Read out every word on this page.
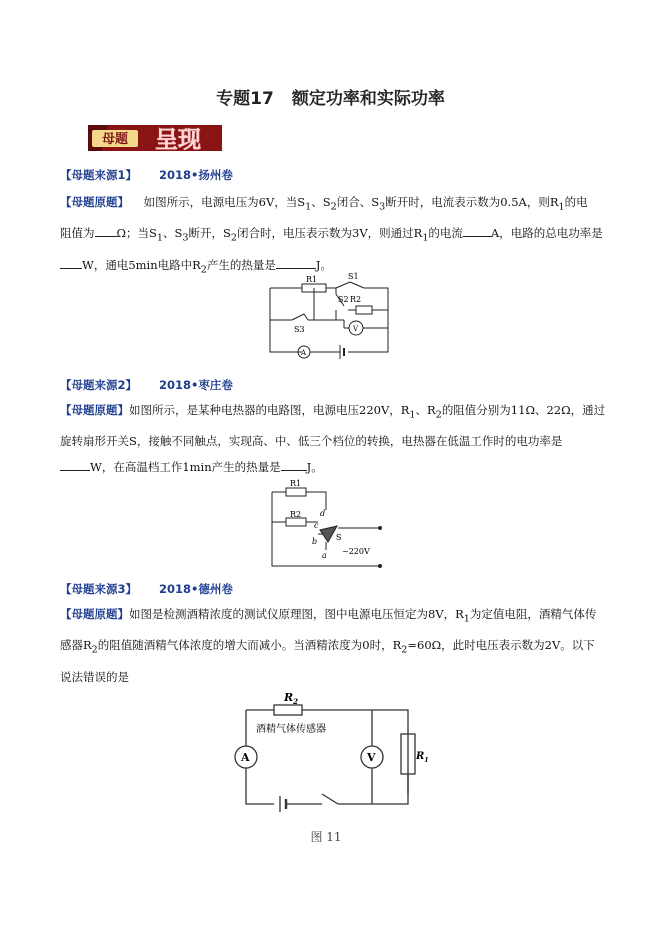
专题17 额定功率和实际功率
母题 呈现
【母题来源1】 2018•扬州卷
【母题原题】 如图所示，电源电压为6V，当$S_1$、$S_2$闭合、$S_3$断开时，电流表示数为0.5A，则$R_1$的电
阻值为 Ω；当$S_1$、$S_3$断开，$S_2$闭合时，电压表示数为3V，则通过$R_1$的电流 A，电路的总电功率是
W，通电5min电路中$R_2$产生的热量是	J。
R1
R2
S1
S2
S3
A
V
【母题来源2】 2018•枣庄卷
【母题原题】如图所示，是某种电热器的电路图，电源电压220V，$R_1$、$R_2$的阻值分别为11Ω、22Ω，通过
旋转扇形开关S，接触不同触点，实现高、中、低三个档位的转换，电热器在低温工作时的电功率是
W，在高温档工作1min产生的热量是 J。
R1
R2 d
c
b
a
S
~220V
【母题来源3】 2018•德州卷
【母题原题】如图是检测酒精浓度的测试仪原理图，图中电源电压恒定为8V，$R_1$为定值电阻，酒精气体传
感器$R_2$的阻值随酒精气体浓度的增大而减小。当酒精浓度为0时，$R_2=60\Omega$，此时电压表示数为2V。以下
说法错误的是
$R_2$
酒精气体传感器
A	V	$R_1$
图 11
